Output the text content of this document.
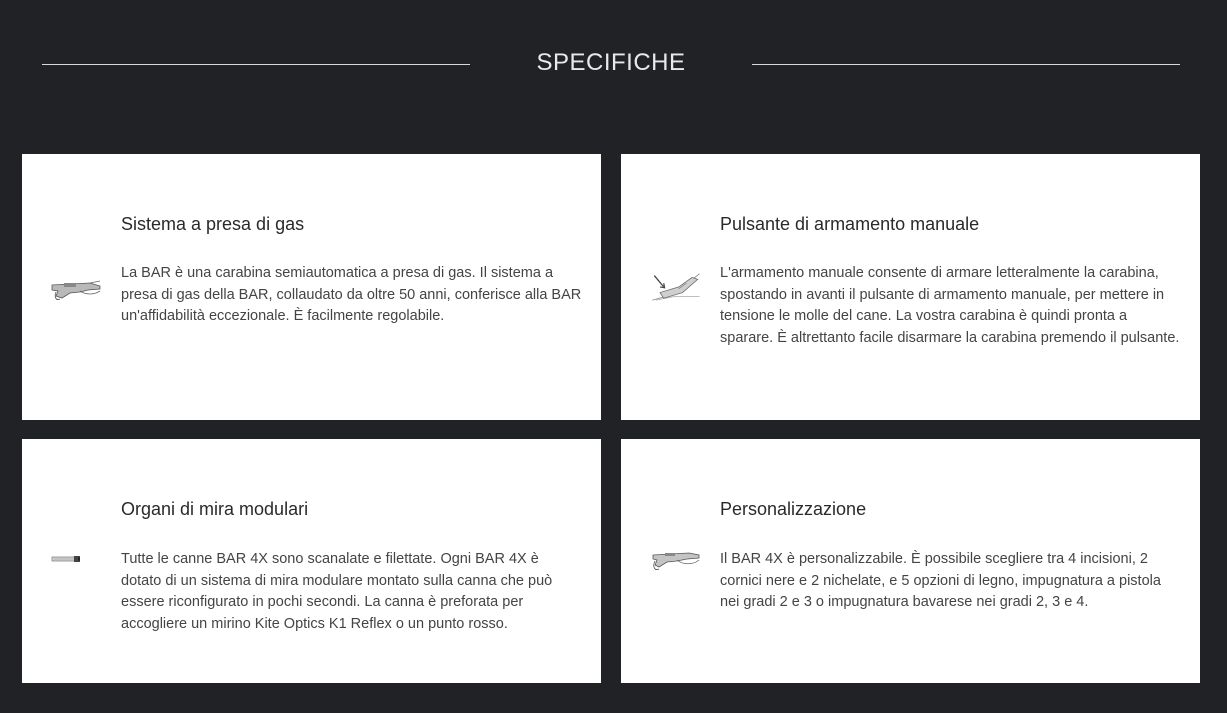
SPECIFICHE
Sistema a presa di gas
La BAR è una carabina semiautomatica a presa di gas. Il sistema a presa di gas della BAR, collaudato da oltre 50 anni, conferisce alla BAR un'affidabilità eccezionale. È facilmente regolabile.
Pulsante di armamento manuale
L'armamento manuale consente di armare letteralmente la carabina, spostando in avanti il pulsante di armamento manuale, per mettere in tensione le molle del cane. La vostra carabina è quindi pronta a sparare. È altrettanto facile disarmare la carabina premendo il pulsante.
Organi di mira modulari
Tutte le canne BAR 4X sono scanalate e filettate. Ogni BAR 4X è dotato di un sistema di mira modulare montato sulla canna che può essere riconfigurato in pochi secondi. La canna è preforata per accogliere un mirino Kite Optics K1 Reflex o un punto rosso.
Personalizzazione
Il BAR 4X è personalizzabile. È possibile scegliere tra 4 incisioni, 2 cornici nere e 2 nichelate, e 5 opzioni di legno, impugnatura a pistola nei gradi 2 e 3 o impugnatura bavarese nei gradi 2, 3 e 4.
